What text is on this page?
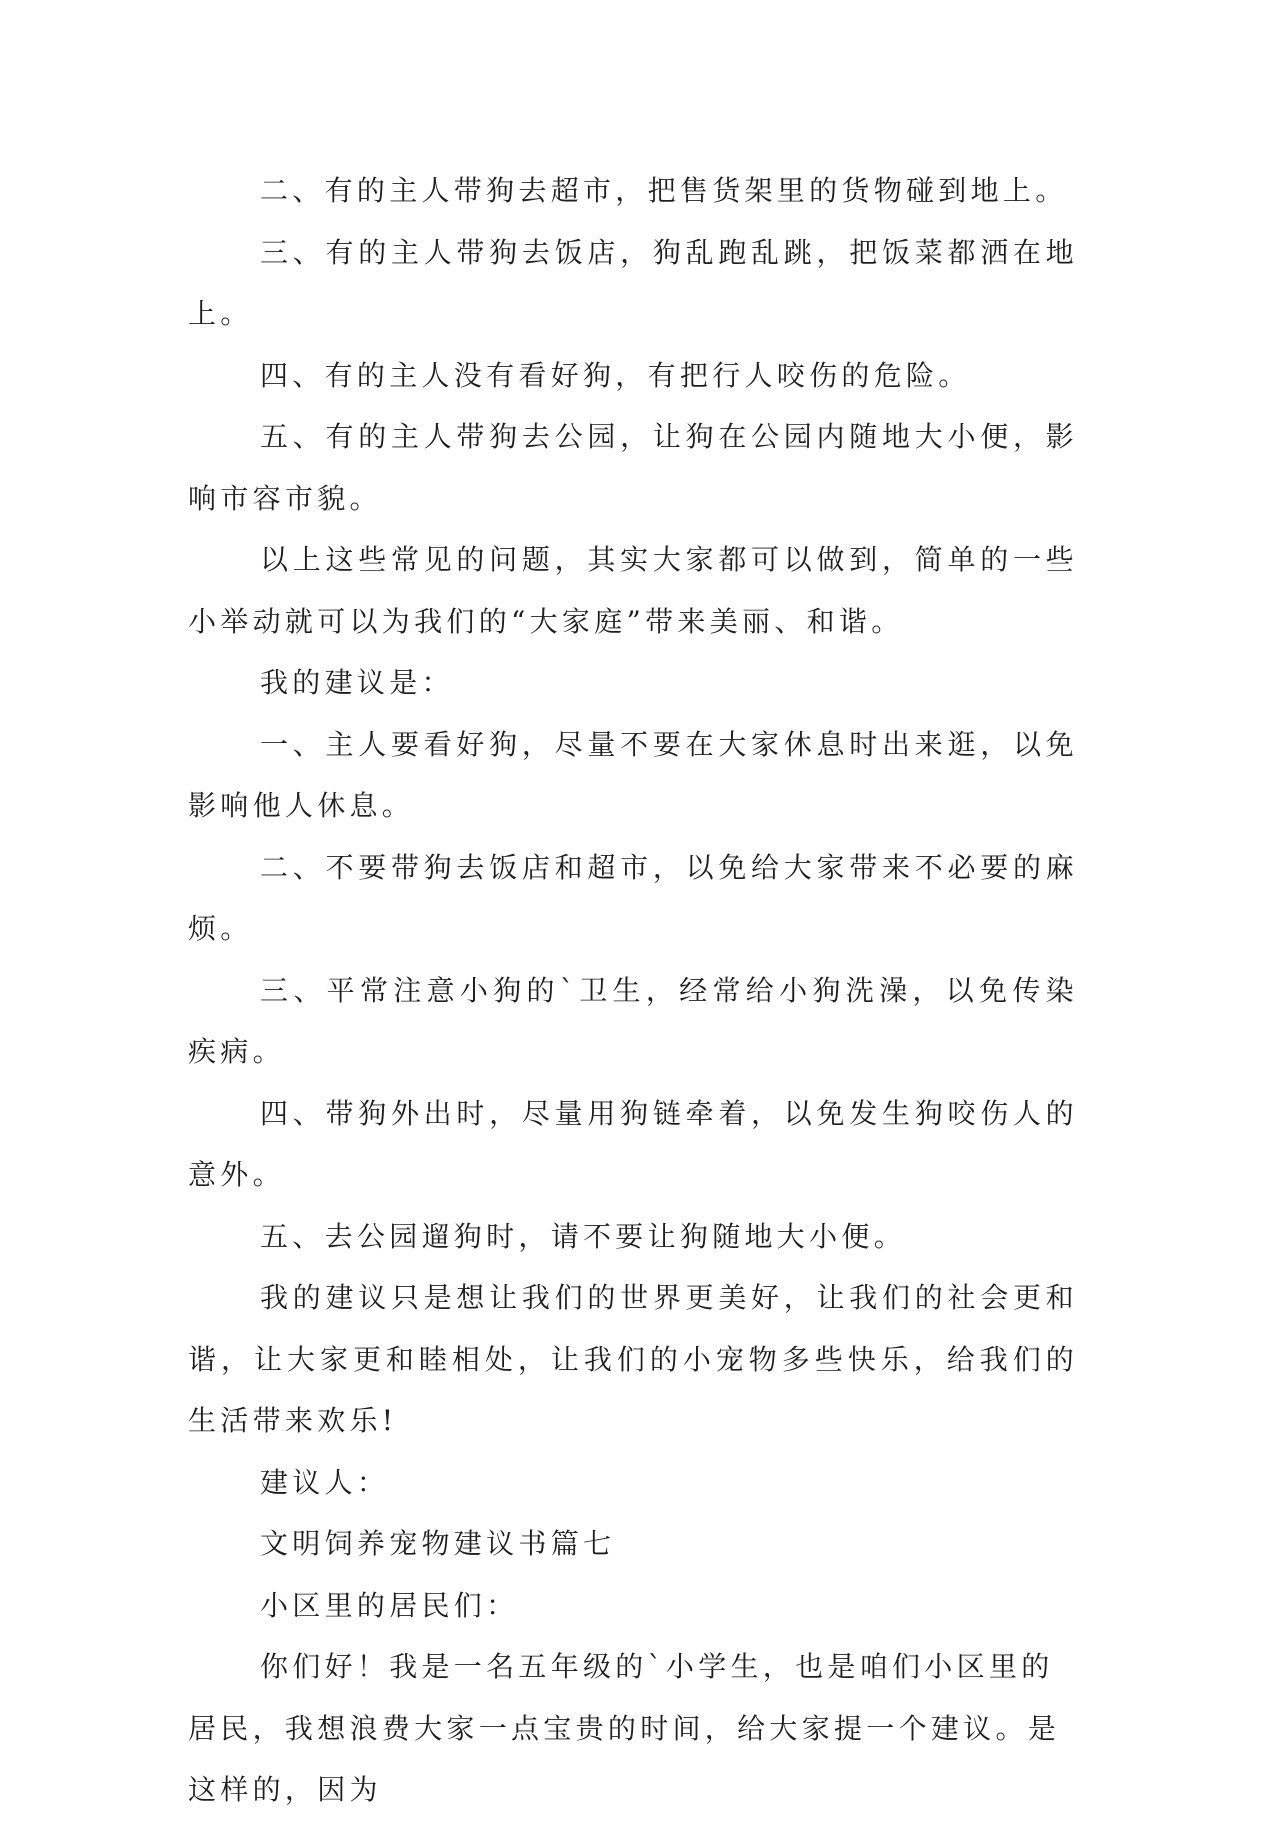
二、有的主人带狗去超市，把售货架里的货物碰到地上。

三、有的主人带狗去饭店，狗乱跑乱跳，把饭菜都洒在地上。

四、有的主人没有看好狗，有把行人咬伤的危险。

五、有的主人带狗去公园，让狗在公园内随地大小便，影响市容市貌。

以上这些常见的问题，其实大家都可以做到，简单的一些小举动就可以为我们的“大家庭”带来美丽、和谐。

我的建议是：

一、主人要看好狗，尽量不要在大家休息时出来逛，以免影响他人休息。

二、不要带狗去饭店和超市，以免给大家带来不必要的麻烦。

三、平常注意小狗的`卫生，经常给小狗洗澡，以免传染疾病。

四、带狗外出时，尽量用狗链牵着，以免发生狗咬伤人的意外。

五、去公园遛狗时，请不要让狗随地大小便。

我的建议只是想让我们的世界更美好，让我们的社会更和谐，让大家更和睦相处，让我们的小宠物多些快乐，给我们的生活带来欢乐!

建议人：

文明饲养宠物建议书篇七

小区里的居民们：

你们好！我是一名五年级的`小学生，也是咱们小区里的居民，我想浪费大家一点宝贵的时间，给大家提一个建议。是这样的，因为
